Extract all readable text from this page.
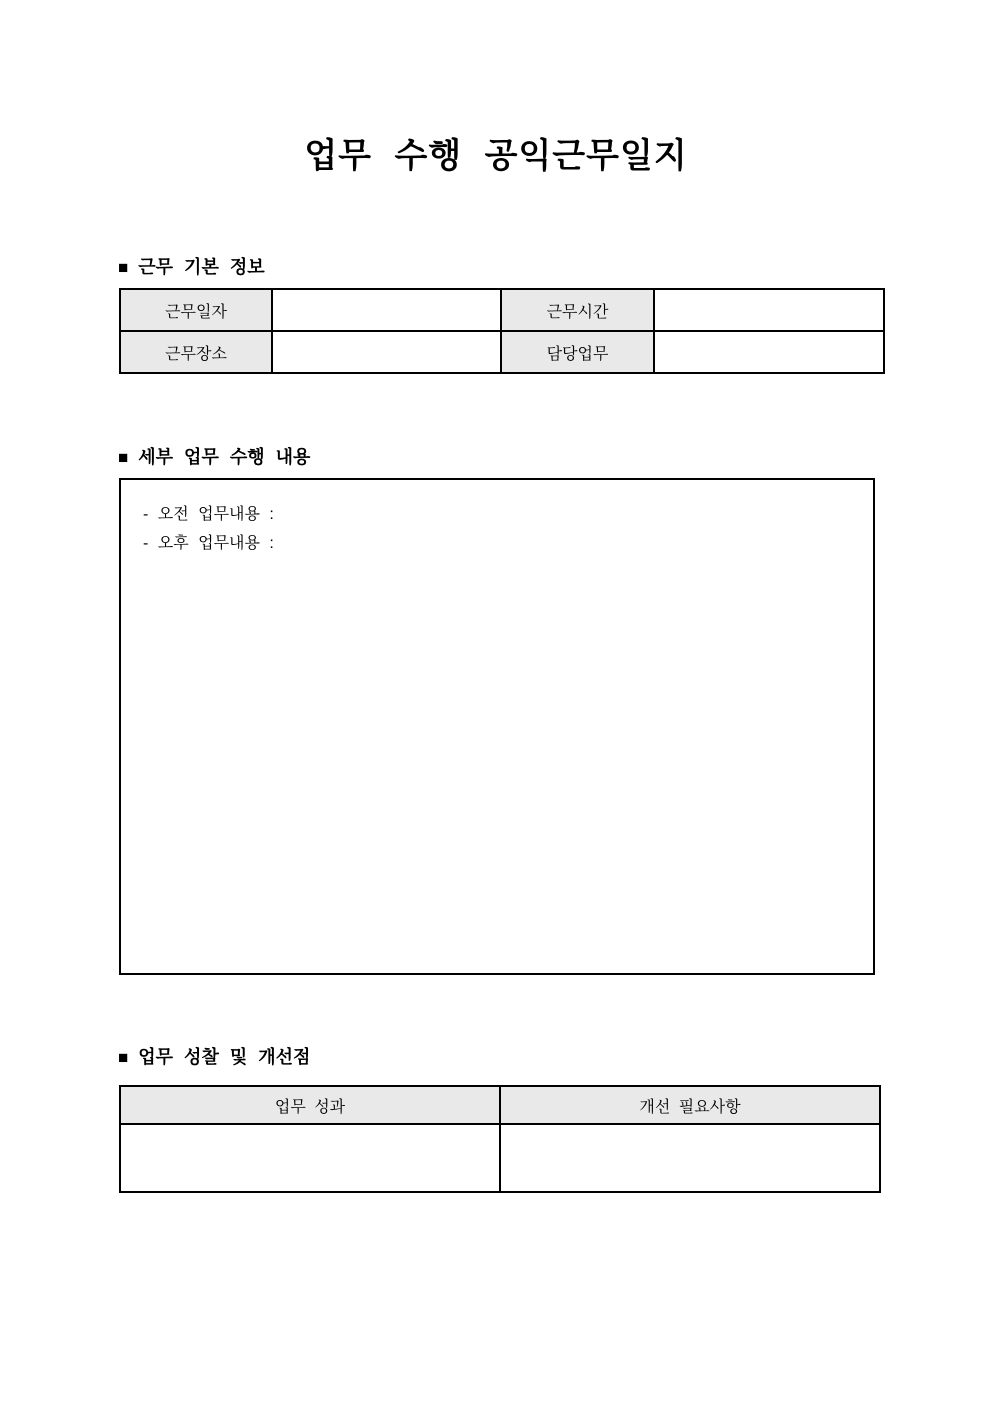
업무 수행 공익근무일지
■ 근무 기본 정보
근무일자		근무시간	
근무장소		담당업무	
■ 세부 업무 수행 내용
- 오전 업무내용 :
- 오후 업무내용 :
■ 업무 성찰 및 개선점
업무 성과	개선 필요사항
